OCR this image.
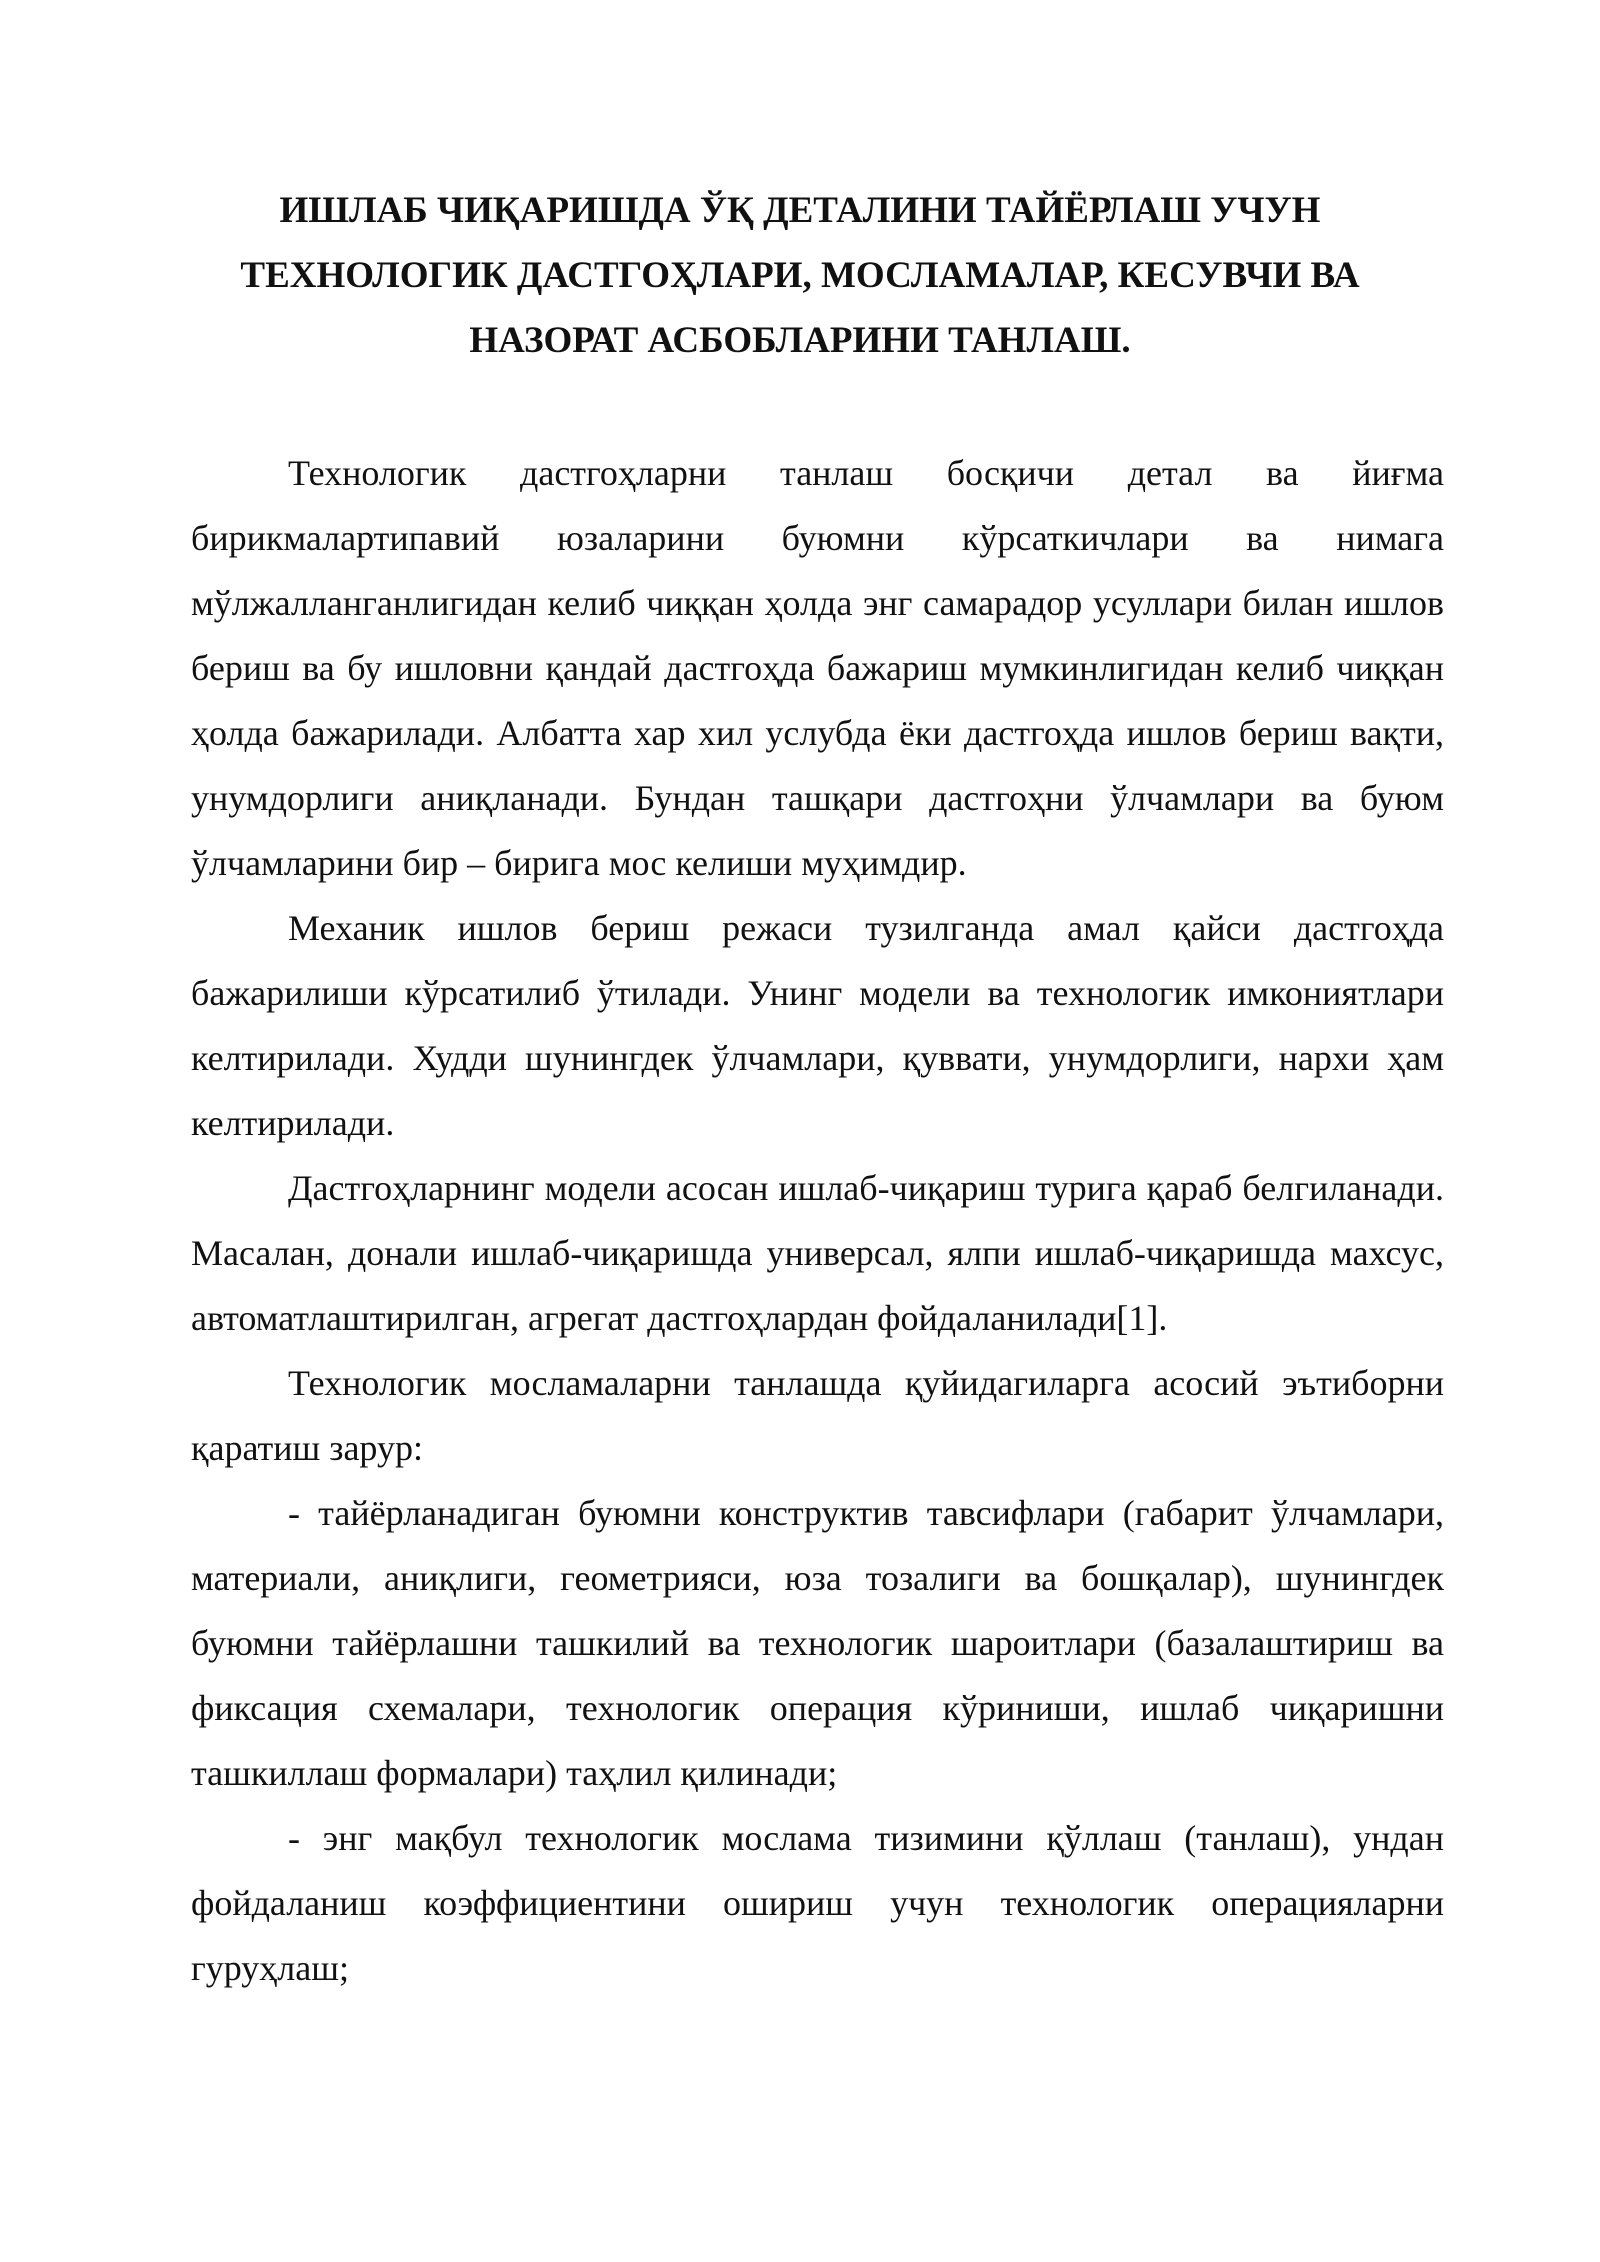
ИШЛАБ ЧИҚАРИШДА ЎҚ ДЕТАЛИНИ ТАЙЁРЛАШ УЧУН
ТЕХНОЛОГИК ДАСТГОҲЛАРИ, МОСЛАМАЛАР, КЕСУВЧИ ВА
НАЗОРАТ АСБОБЛАРИНИ ТАНЛАШ.

Технологик дастгоҳларни танлаш босқичи детал ва йиғма бирикмалартипавий юзаларини буюмни кўрсаткичлари ва нимага мўлжалланганлигидан келиб чиққан ҳолда энг самарадор усуллари билан ишлов бериш ва бу ишловни қандай дастгоҳда бажариш мумкинлигидан келиб чиққан ҳолда бажарилади. Албатта хар хил услубда ёки дастгоҳда ишлов бериш вақти, унумдорлиги аниқланади. Бундан ташқари дастгоҳни ўлчамлари ва буюм ўлчамларини бир – бирига мос келиши муҳимдир.

Механик ишлов бериш режаси тузилганда амал қайси дастгоҳда бажарилиши кўрсатилиб ўтилади. Унинг модели ва технологик имкониятлари келтирилади. Худди шунингдек ўлчамлари, қуввати, унумдорлиги, нархи ҳам келтирилади.

Дастгоҳларнинг модели асосан ишлаб-чиқариш турига қараб белгиланади. Масалан, донали ишлаб-чиқаришда универсал, ялпи ишлаб-чиқаришда махсус, автоматлаштирилган, агрегат дастгоҳлардан фойдаланилади[1].

Технологик мосламаларни танлашда қуйидагиларга асосий эътиборни қаратиш зарур:

- тайёрланадиган буюмни конструктив тавсифлари (габарит ўлчамлари, материали, аниқлиги, геометрияси, юза тозалиги ва бошқалар), шунингдек буюмни тайёрлашни ташкилий ва технологик шароитлари (базалаштириш ва фиксация схемалари, технологик операция кўриниши, ишлаб чиқаришни ташкиллаш формалари) таҳлил қилинади;

- энг мақбул технологик мослама тизимини қўллаш (танлаш), ундан фойдаланиш коэффициентини ошириш учун технологик операцияларни гуруҳлаш;
